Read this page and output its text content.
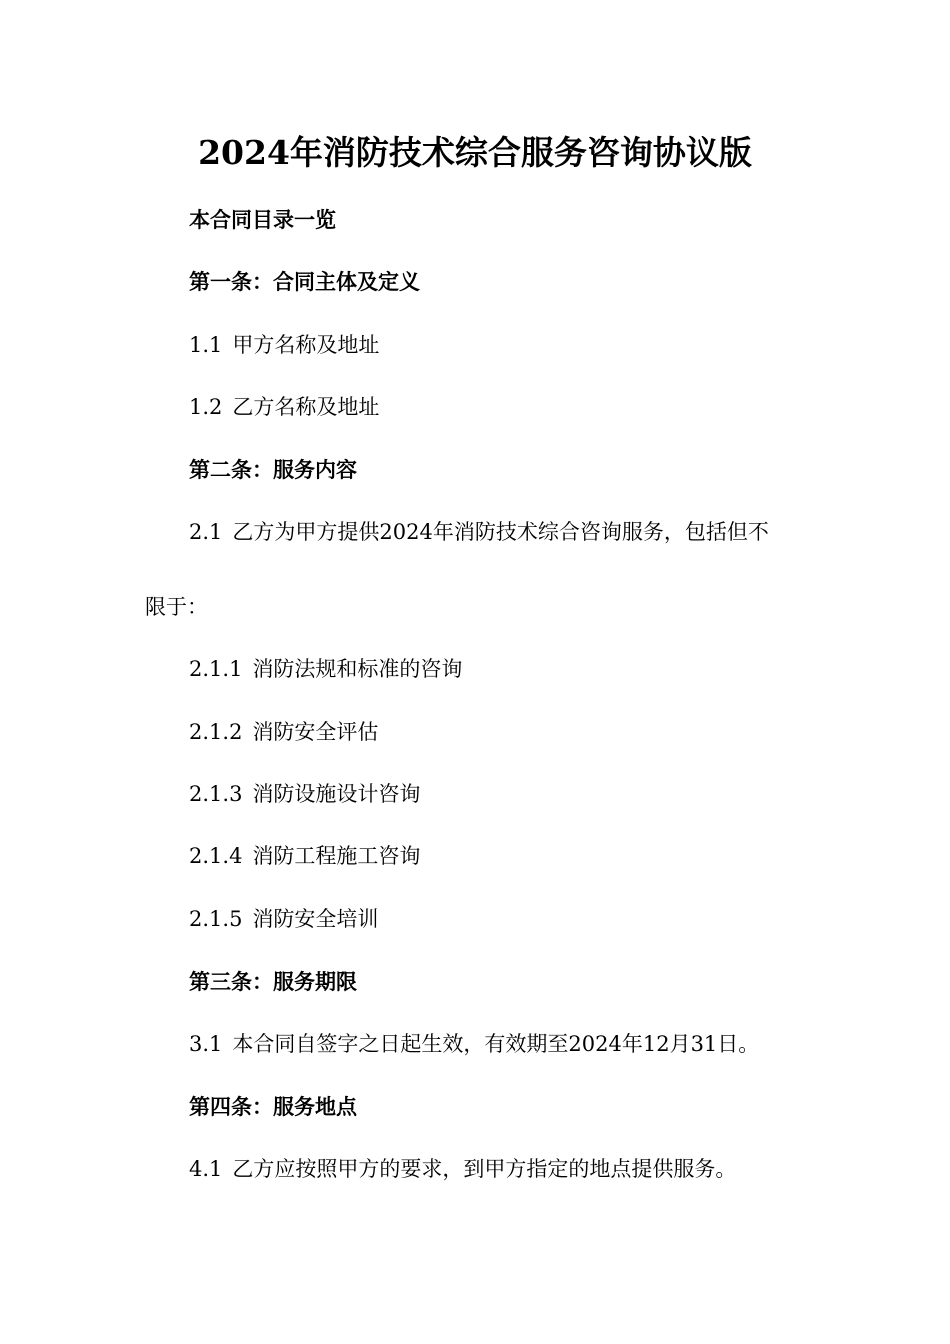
2024年消防技术综合服务咨询协议版

本合同目录一览

第一条：合同主体及定义

1.1 甲方名称及地址

1.2 乙方名称及地址

第二条：服务内容

2.1 乙方为甲方提供2024年消防技术综合咨询服务，包括但不

限于：

2.1.1 消防法规和标准的咨询

2.1.2 消防安全评估

2.1.3 消防设施设计咨询

2.1.4 消防工程施工咨询

2.1.5 消防安全培训

第三条：服务期限

3.1 本合同自签字之日起生效，有效期至2024年12月31日。

第四条：服务地点

4.1 乙方应按照甲方的要求，到甲方指定的地点提供服务。
